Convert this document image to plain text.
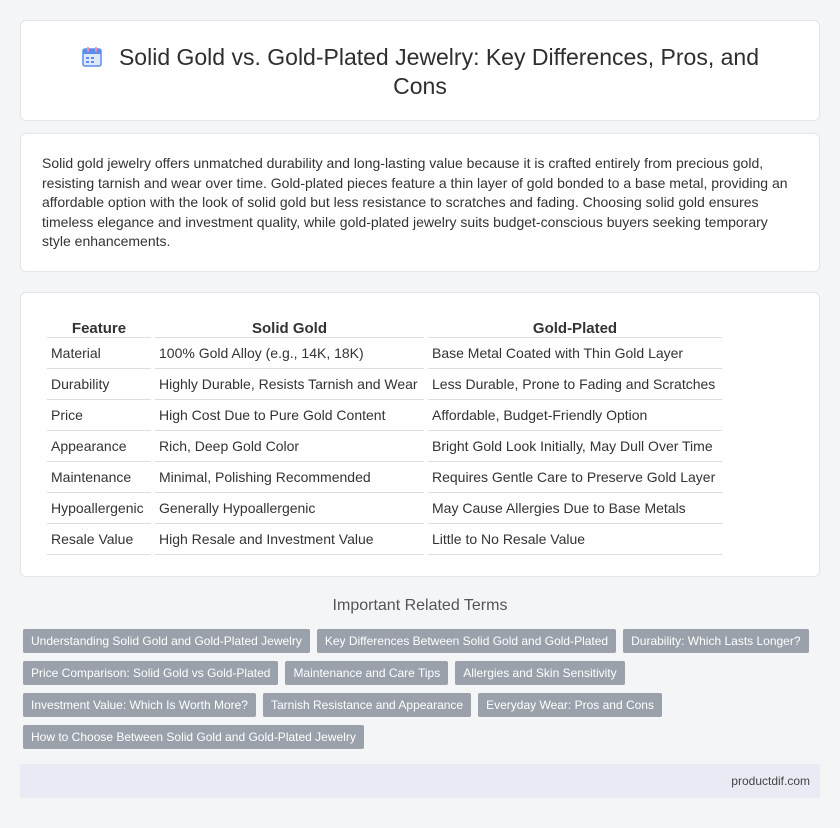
Solid Gold vs. Gold-Plated Jewelry: Key Differences, Pros, and Cons

Solid gold jewelry offers unmatched durability and long-lasting value because it is crafted entirely from precious gold, resisting tarnish and wear over time. Gold-plated pieces feature a thin layer of gold bonded to a base metal, providing an affordable option with the look of solid gold but less resistance to scratches and fading. Choosing solid gold ensures timeless elegance and investment quality, while gold-plated jewelry suits budget-conscious buyers seeking temporary style enhancements.

Feature	Solid Gold	Gold-Plated
Material	100% Gold Alloy (e.g., 14K, 18K)	Base Metal Coated with Thin Gold Layer
Durability	Highly Durable, Resists Tarnish and Wear	Less Durable, Prone to Fading and Scratches
Price	High Cost Due to Pure Gold Content	Affordable, Budget-Friendly Option
Appearance	Rich, Deep Gold Color	Bright Gold Look Initially, May Dull Over Time
Maintenance	Minimal, Polishing Recommended	Requires Gentle Care to Preserve Gold Layer
Hypoallergenic	Generally Hypoallergenic	May Cause Allergies Due to Base Metals
Resale Value	High Resale and Investment Value	Little to No Resale Value
Important Related Terms
Understanding Solid Gold and Gold-Plated Jewelry	Key Differences Between Solid Gold and Gold-Plated	Durability: Which Lasts Longer?
Price Comparison: Solid Gold vs Gold-Plated	Maintenance and Care Tips	Allergies and Skin Sensitivity
Investment Value: Which Is Worth More?	Tarnish Resistance and Appearance	Everyday Wear: Pros and Cons
How to Choose Between Solid Gold and Gold-Plated Jewelry
productdif.com
